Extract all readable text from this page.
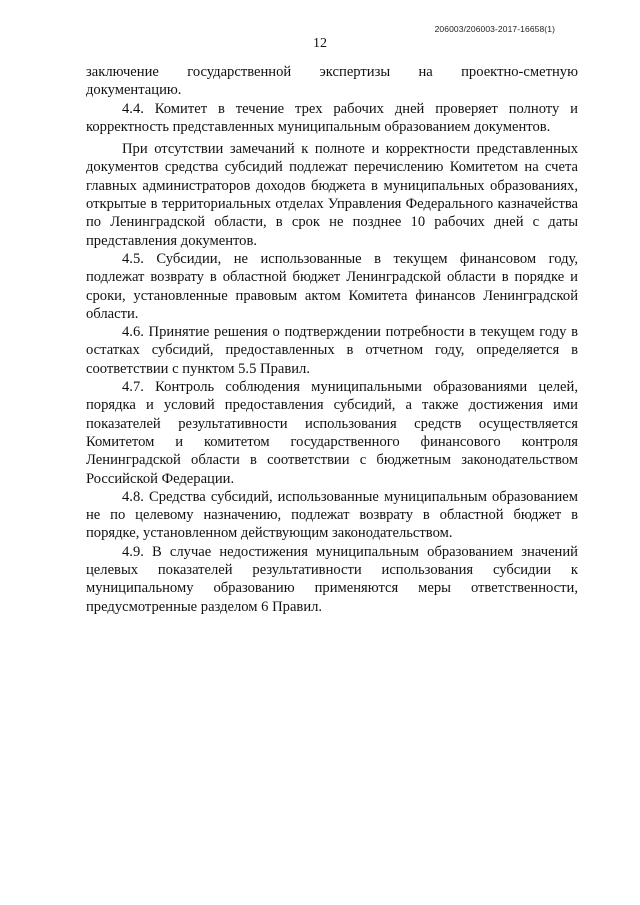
206003/206003-2017-16658(1)
12

заключение государственной экспертизы на проектно-сметную документацию.

4.4. Комитет в течение трех рабочих дней проверяет полноту и корректность представленных муниципальным образованием документов.

При отсутствии замечаний к полноте и корректности представленных документов средства субсидий подлежат перечислению Комитетом на счета главных администраторов доходов бюджета в муниципальных образованиях, открытые в территориальных отделах Управления Федерального казначейства по Ленинградской области, в срок не позднее 10 рабочих дней с даты представления документов.

4.5. Субсидии, не использованные в текущем финансовом году, подлежат возврату в областной бюджет Ленинградской области в порядке и сроки, установленные правовым актом Комитета финансов Ленинградской области.

4.6. Принятие решения о подтверждении потребности в текущем году в остатках субсидий, предоставленных в отчетном году, определяется в соответствии с пунктом 5.5 Правил.

4.7. Контроль соблюдения муниципальными образованиями целей, порядка и условий предоставления субсидий, а также достижения ими показателей результативности использования средств осуществляется Комитетом и комитетом государственного финансового контроля Ленинградской области в соответствии с бюджетным законодательством Российской Федерации.

4.8. Средства субсидий, использованные муниципальным образованием не по целевому назначению, подлежат возврату в областной бюджет в порядке, установленном действующим законодательством.

4.9. В случае недостижения муниципальным образованием значений целевых показателей результативности использования субсидии к муниципальному образованию применяются меры ответственности, предусмотренные разделом 6 Правил.
